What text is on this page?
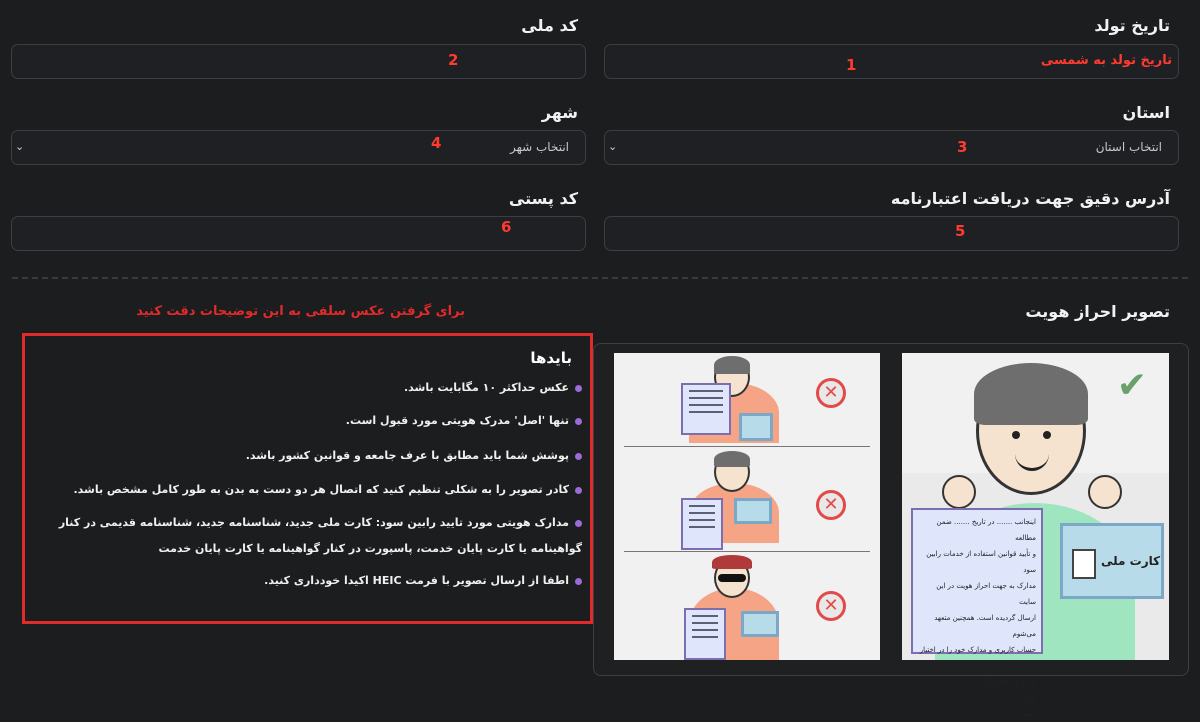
تاریخ تولد
1	تاریخ تولد به شمسی
کد ملی
2
استان
3	انتخاب استان
⌄
شهر
4	انتخاب شهر
⌄
آدرس دقیق جهت دریافت اعتبارنامه
5
کد پستی
6
تصویر احراز هویت
برای گرفتن عکس سلفی به این توضیحات دقت کنید
بایدها
عکس حداکثر ۱۰ مگابایت باشد.
تنها 'اصل' مدرک هویتی مورد قبول است.
پوشش شما باید مطابق با عرف جامعه و قوانین کشور باشد.
کادر تصویر را به شکلی تنظیم کنید که اتصال هر دو دست به بدن به طور کامل مشخص باشد.
مدارک هویتی مورد تایید رابین سود: کارت ملی جدید، شناسنامه جدید، شناسنامه قدیمی در کنار گواهینامه یا کارت پایان خدمت، پاسپورت در کنار گواهینامه یا کارت پایان خدمت
اطفا از ارسال تصویر با فرمت HEIC اکیدا خودداری کنید.
✕
✕
✕
✔
اینجانب ....... در تاریخ ....... ضمن مطالعه
و تأیید قوانین استفاده از خدمات رابین سود
مدارک به جهت احراز هویت در این سایت
ارسال گردیده است. همچنین متعهد می‌شوم
حساب کاربری و مدارک خود را در اختیار
اشخاص غیر قرار ندهم.
نام و نام خانوادگی
تاریخ
امضاء
کارت ملی
